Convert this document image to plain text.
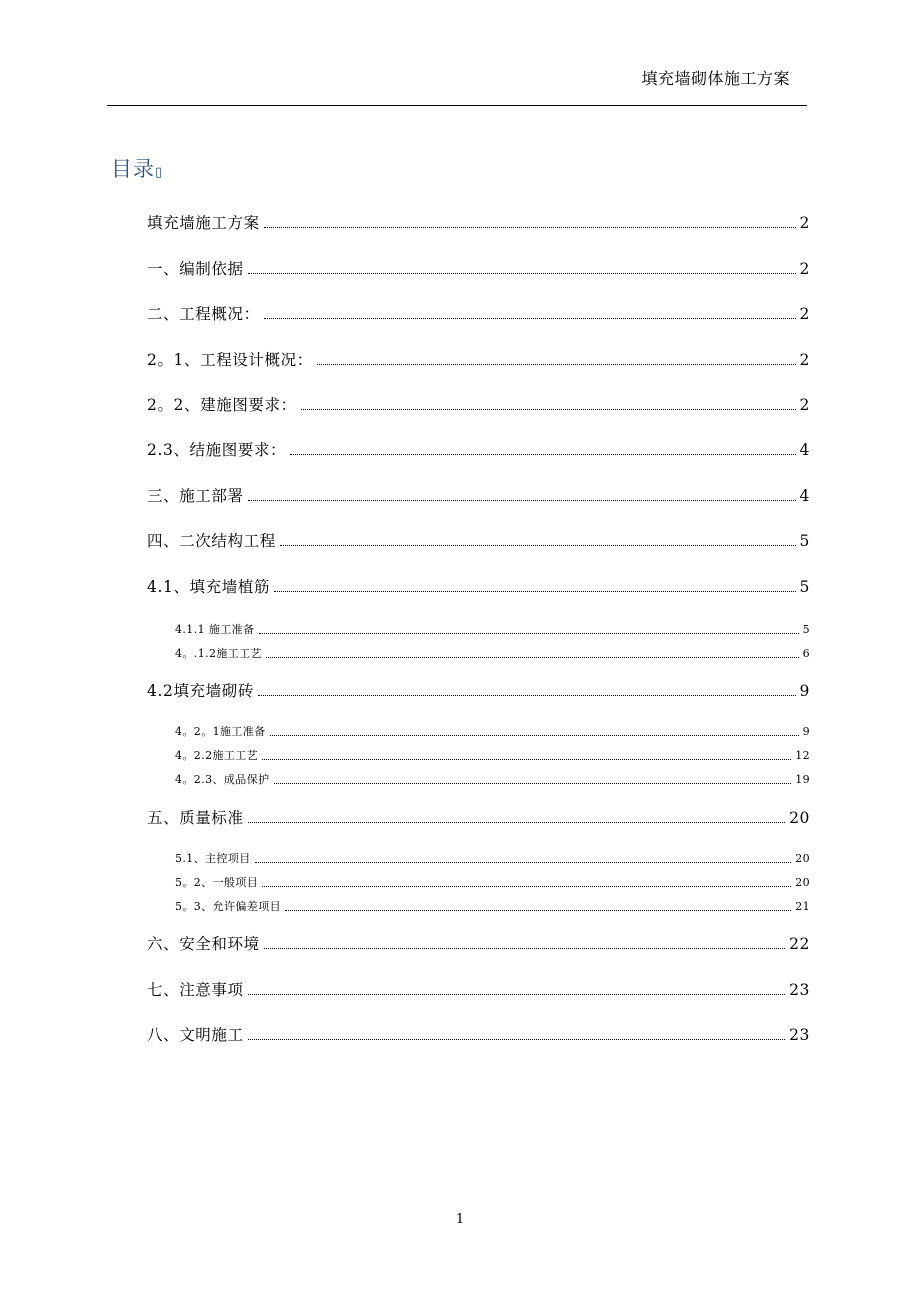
填充墙砌体施工方案
目录▯
填充墙施工方案	2
一、编制依据	2
二、工程概况：	2
2。1、工程设计概况：	2
2。2、建施图要求：	2
2.3、结施图要求：	4
三、施工部署	4
四、二次结构工程	5
4.1、填充墙植筋	5
4.1.1 施工准备	5
4。.1.2施工工艺	6
4.2填充墙砌砖	9
4。2。1施工准备	9
4。2.2施工工艺	12
4。2.3、成品保护	19
五、质量标准	20
5.1、主控项目	20
5。2、一般项目	20
5。3、允许偏差项目	21
六、安全和环境	22
七、注意事项	23
八、文明施工	23
1
